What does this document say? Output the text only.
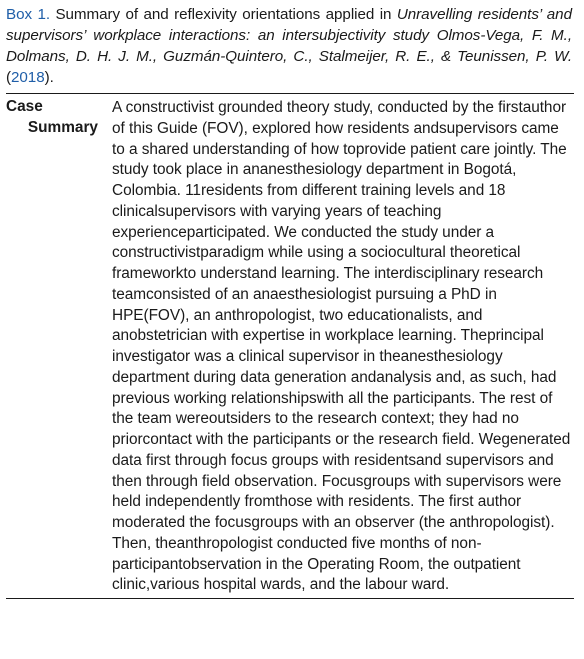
Box 1. Summary of and reflexivity orientations applied in Unravelling residents’ and supervisors’ workplace interactions: an intersubjectivity study Olmos-Vega, F. M., Dolmans, D. H. J. M., Guzmán-Quintero, C., Stalmeijer, R. E., & Teunissen, P. W. (2018).
Case
Summary
A constructivist grounded theory study, conducted by the firstauthor of this Guide (FOV), explored how residents andsupervisors came to a shared understanding of how toprovide patient care jointly. The study took place in ananesthesiology department in Bogotá, Colombia. 11residents from different training levels and 18 clinicalsupervisors with varying years of teaching experienceparticipated. We conducted the study under a constructivistparadigm while using a sociocultural theoretical frameworkto understand learning. The interdisciplinary research teamconsisted of an anaesthesiologist pursuing a PhD in HPE(FOV), an anthropologist, two educationalists, and anobstetrician with expertise in workplace learning. Theprincipal investigator was a clinical supervisor in theanesthesiology department during data generation andanalysis and, as such, had previous working relationshipswith all the participants. The rest of the team wereoutsiders to the research context; they had no priorcontact with the participants or the research field. Wegenerated data first through focus groups with residentsand supervisors and then through field observation. Focusgroups with supervisors were held independently fromthose with residents. The first author moderated the focusgroups with an observer (the anthropologist). Then, theanthropologist conducted five months of non-participantobservation in the Operating Room, the outpatient clinic,various hospital wards, and the labour ward.
